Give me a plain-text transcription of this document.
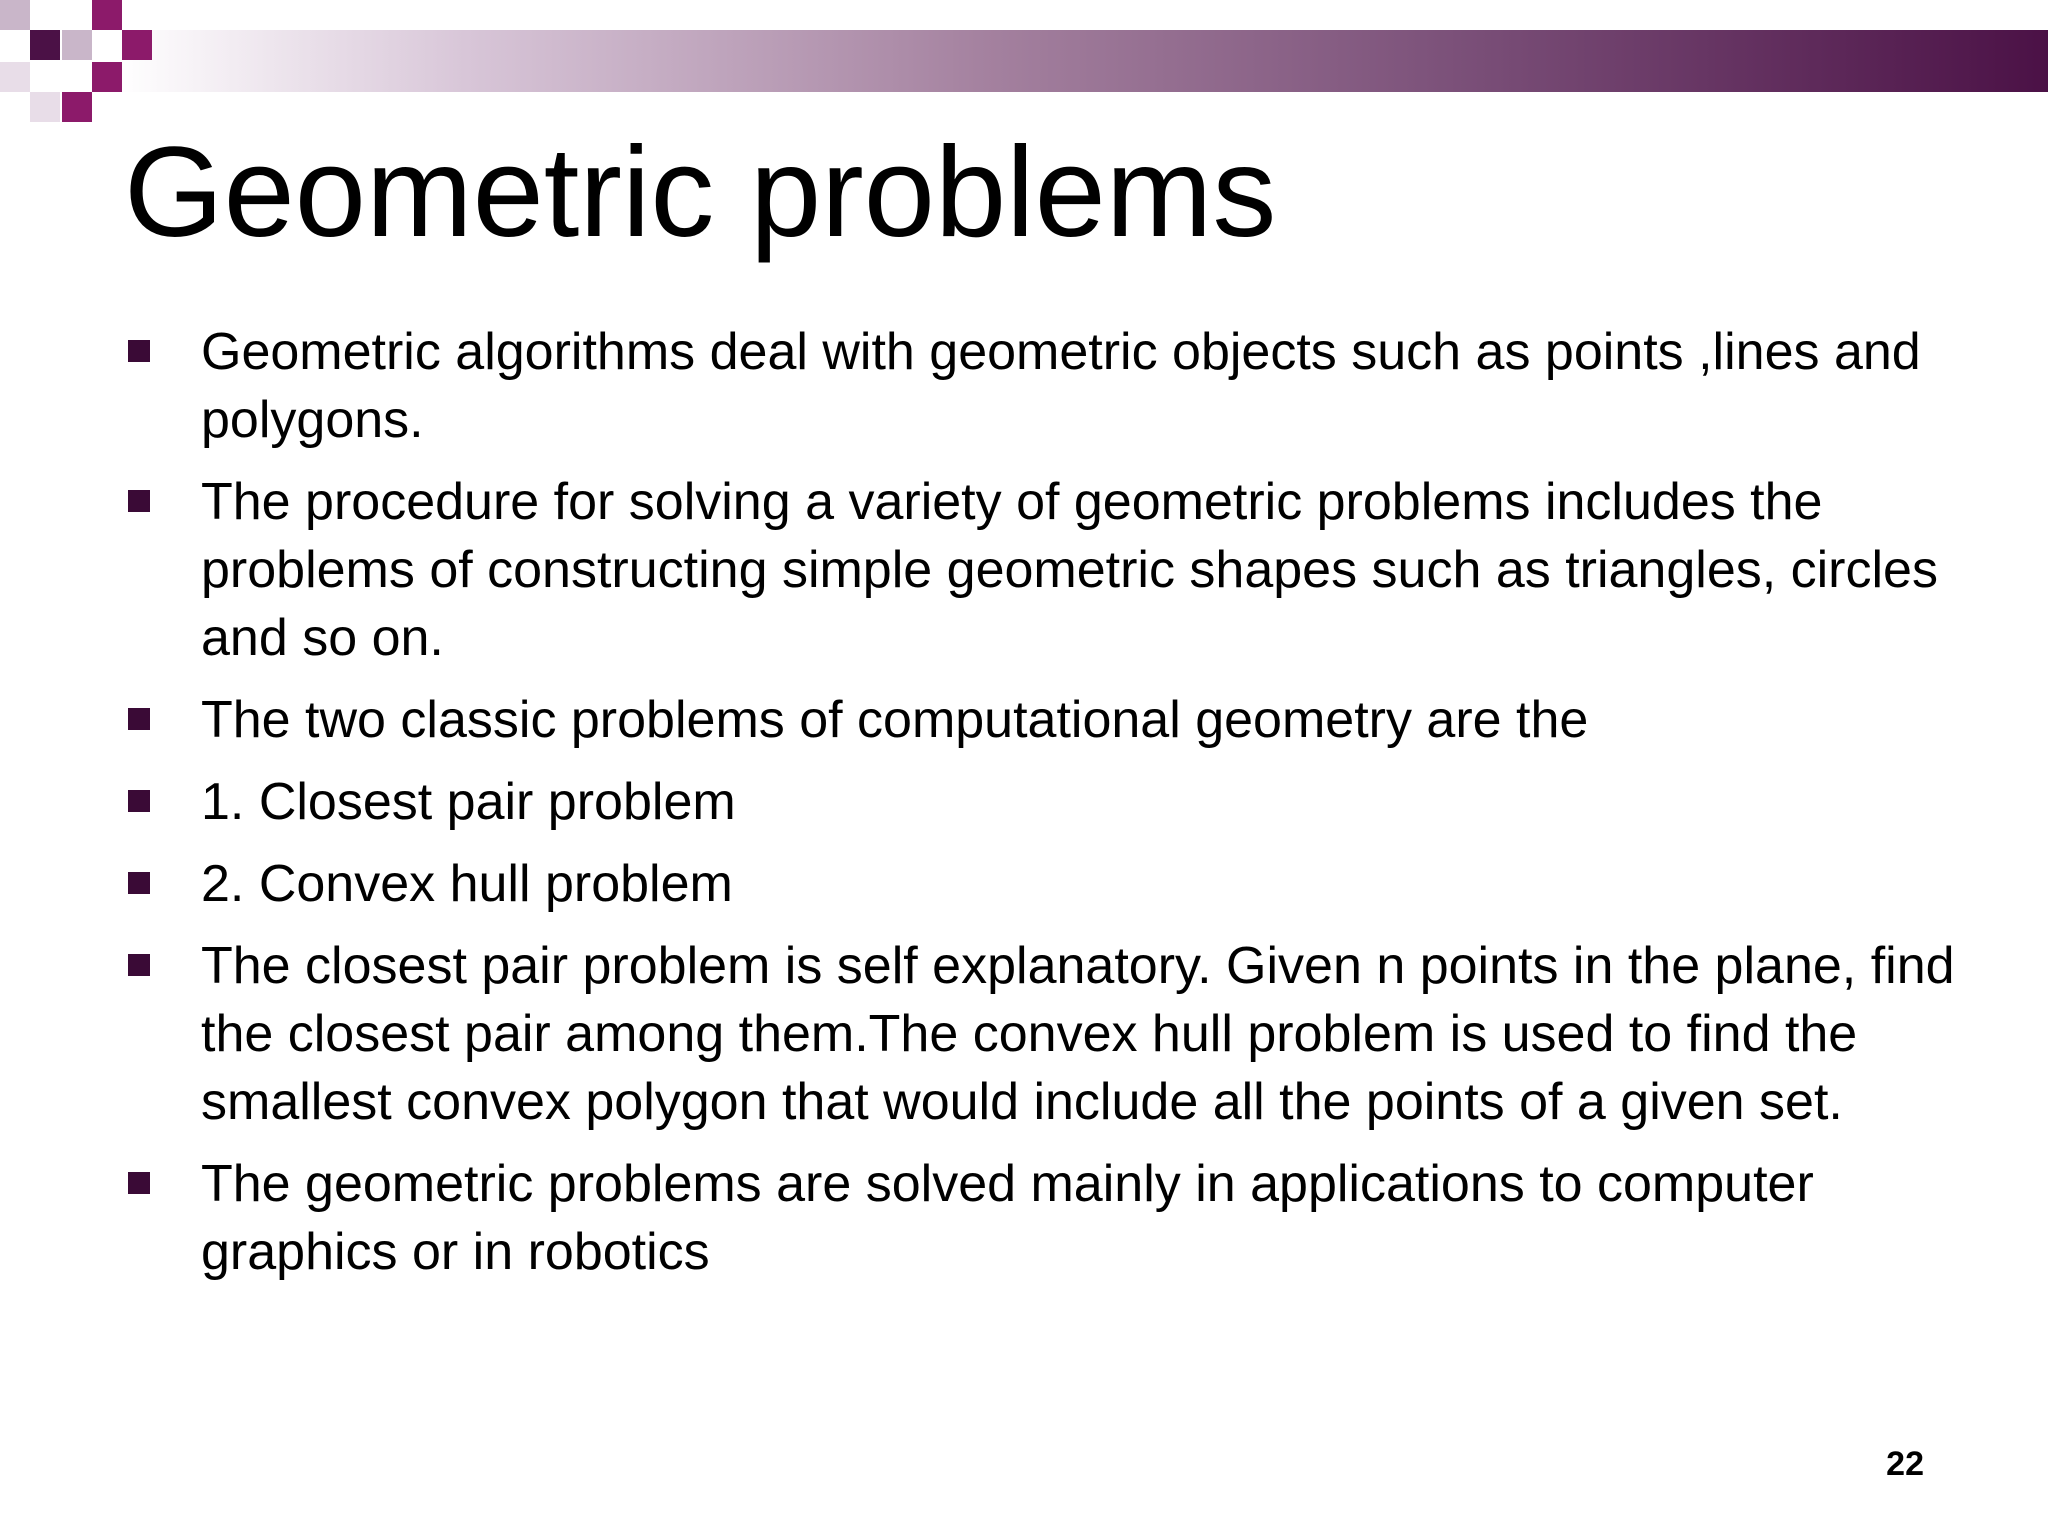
Geometric problems
Geometric algorithms deal with geometric objects such as points ,lines and polygons.
The procedure for solving a variety of geometric problems includes the problems of constructing simple geometric shapes such as triangles, circles and so on.
The two classic problems of computational geometry are the
1. Closest pair problem
2. Convex hull problem
The closest pair problem is self explanatory. Given n points in the plane, find the closest pair among them.The convex hull problem is used to find the smallest convex polygon that would include all the points of a given set.
The geometric problems are solved mainly in applications to computer graphics or in robotics
22
